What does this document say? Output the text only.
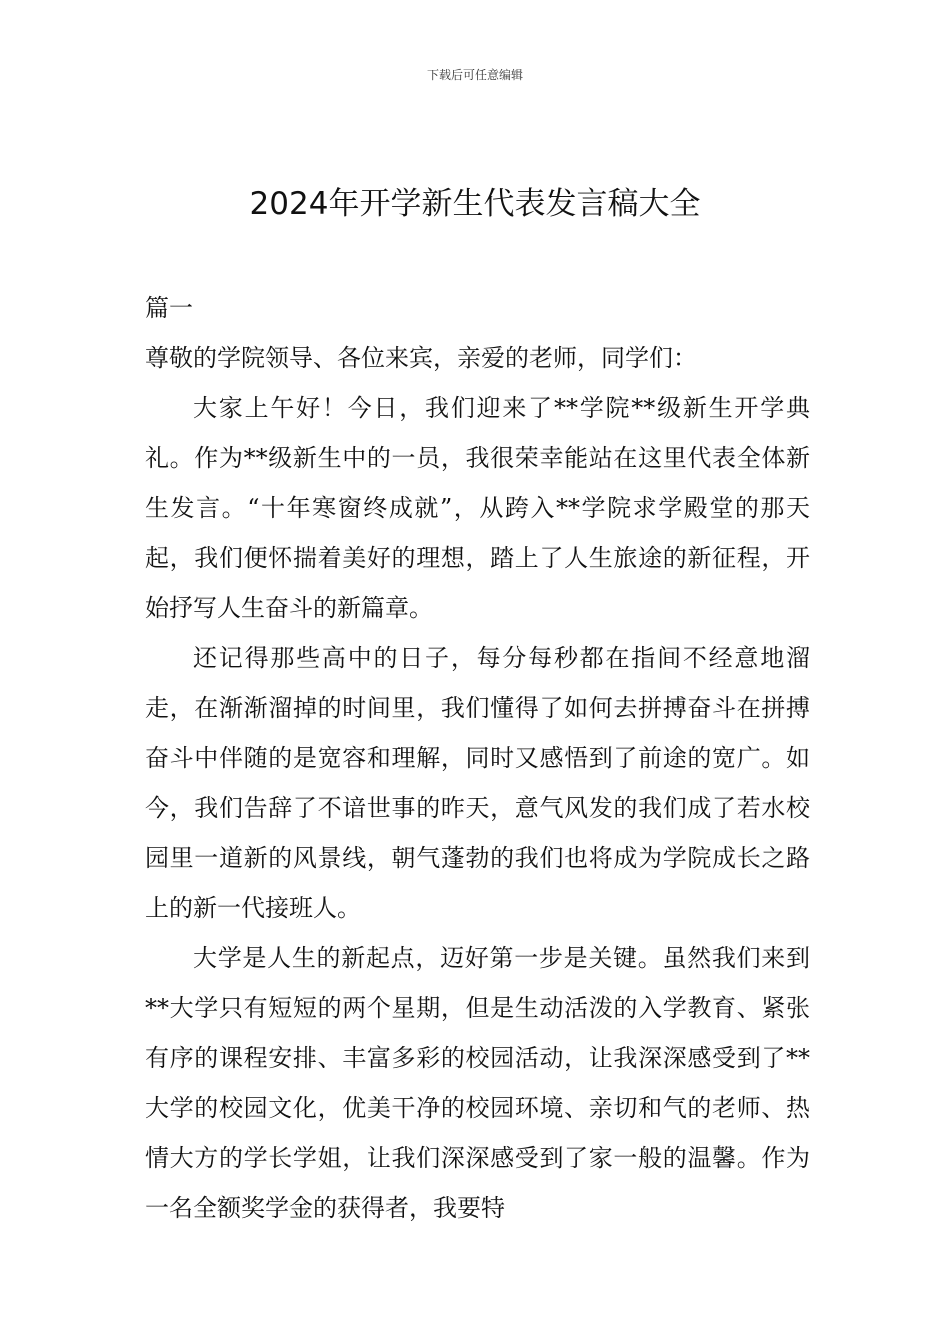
下载后可任意编辑
2024年开学新生代表发言稿大全

篇一

尊敬的学院领导、各位来宾，亲爱的老师，同学们：

大家上午好！今日，我们迎来了**学院**级新生开学典礼。作为**级新生中的一员，我很荣幸能站在这里代表全体新生发言。“十年寒窗终成就”，从跨入**学院求学殿堂的那天起，我们便怀揣着美好的理想，踏上了人生旅途的新征程，开始抒写人生奋斗的新篇章。

还记得那些高中的日子，每分每秒都在指间不经意地溜走，在渐渐溜掉的时间里，我们懂得了如何去拼搏奋斗在拼搏奋斗中伴随的是宽容和理解，同时又感悟到了前途的宽广。如今，我们告辞了不谙世事的昨天，意气风发的我们成了若水校园里一道新的风景线，朝气蓬勃的我们也将成为学院成长之路上的新一代接班人。

大学是人生的新起点，迈好第一步是关键。虽然我们来到**大学只有短短的两个星期，但是生动活泼的入学教育、紧张有序的课程安排、丰富多彩的校园活动，让我深深感受到了**大学的校园文化，优美干净的校园环境、亲切和气的老师、热情大方的学长学姐，让我们深深感受到了家一般的温馨。作为一名全额奖学金的获得者，我要特
